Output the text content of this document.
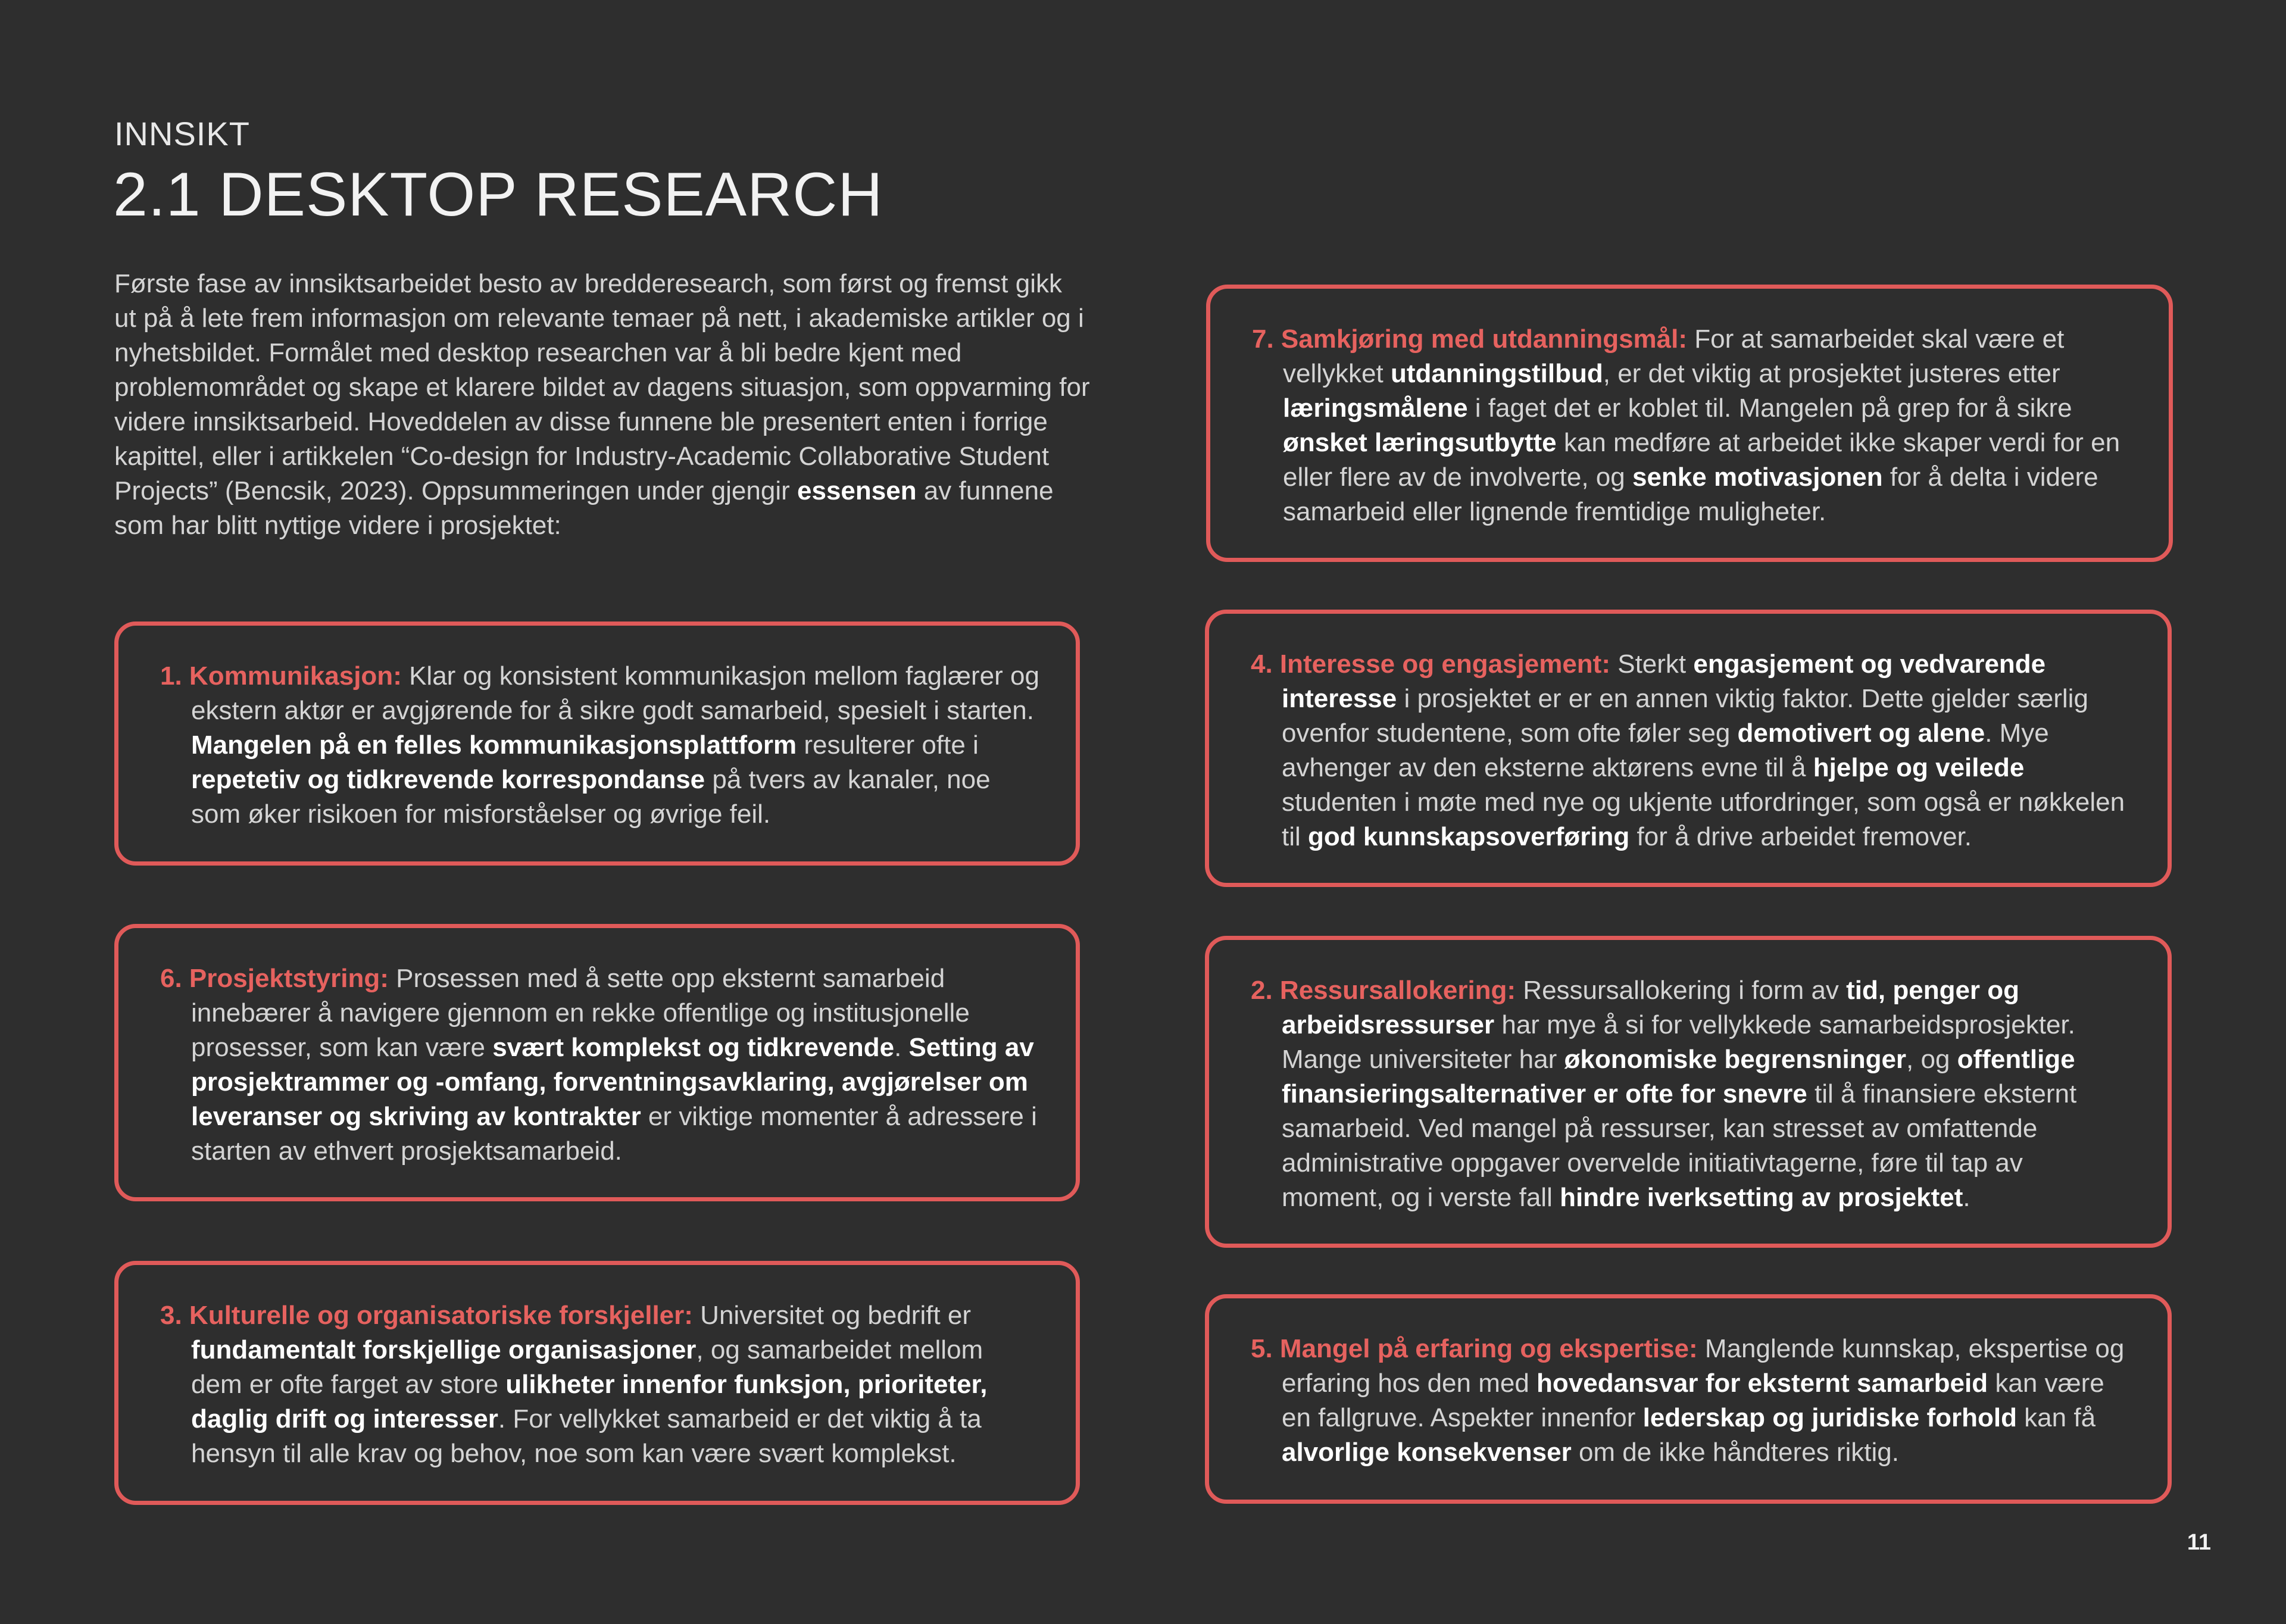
INNSIKT
2.1 DESKTOP RESEARCH
Første fase av innsiktsarbeidet besto av bredderesearch, som først og fremst gikk ut på å lete frem informasjon om relevante temaer på nett, i akademiske artikler og i nyhetsbildet. Formålet med desktop researchen var å bli bedre kjent med problemområdet og skape et klarere bildet av dagens situasjon, som oppvarming for videre innsiktsarbeid. Hoveddelen av disse funnene ble presentert enten i forrige kapittel, eller i artikkelen “Co-design for Industry-Academic Collaborative Student Projects” (Bencsik, 2023). Oppsummeringen under gjengir essensen av funnene som har blitt nyttige videre i prosjektet:

1. Kommunikasjon: Klar og konsistent kommunikasjon mellom faglærer og ekstern aktør er avgjørende for å sikre godt samarbeid, spesielt i starten. Mangelen på en felles kommunikasjonsplattform resulterer ofte i repetetiv og tidkrevende korrespondanse på tvers av kanaler, noe som øker risikoen for misforståelser og øvrige feil.

6. Prosjektstyring: Prosessen med å sette opp eksternt samarbeid innebærer å navigere gjennom en rekke offentlige og institusjonelle prosesser, som kan være svært komplekst og tidkrevende. Setting av prosjektrammer og -omfang, forventningsavklaring, avgjørelser om leveranser og skriving av kontrakter er viktige momenter å adressere i starten av ethvert prosjektsamarbeid.

3. Kulturelle og organisatoriske forskjeller: Universitet og bedrift er fundamentalt forskjellige organisasjoner, og samarbeidet mellom dem er ofte farget av store ulikheter innenfor funksjon, prioriteter, daglig drift og interesser. For vellykket samarbeid er det viktig å ta hensyn til alle krav og behov, noe som kan være svært komplekst.

7. Samkjøring med utdanningsmål: For at samarbeidet skal være et vellykket utdanningstilbud, er det viktig at prosjektet justeres etter læringsmålene i faget det er koblet til. Mangelen på grep for å sikre ønsket læringsutbytte kan medføre at arbeidet ikke skaper verdi for en eller flere av de involverte, og senke motivasjonen for å delta i videre samarbeid eller lignende fremtidige muligheter.

4. Interesse og engasjement: Sterkt engasjement og vedvarende interesse i prosjektet er er en annen viktig faktor. Dette gjelder særlig ovenfor studentene, som ofte føler seg demotivert og alene. Mye avhenger av den eksterne aktørens evne til å hjelpe og veilede studenten i møte med nye og ukjente utfordringer, som også er nøkkelen til god kunnskapsoverføring for å drive arbeidet fremover.

2. Ressursallokering: Ressursallokering i form av tid, penger og arbeidsressurser har mye å si for vellykkede samarbeidsprosjekter. Mange universiteter har økonomiske begrensninger, og offentlige finansieringsalternativer er ofte for snevre til å finansiere eksternt samarbeid. Ved mangel på ressurser, kan stresset av omfattende administrative oppgaver overvelde initiativtagerne, føre til tap av moment, og i verste fall hindre iverksetting av prosjektet.

5. Mangel på erfaring og ekspertise: Manglende kunnskap, ekspertise og erfaring hos den med hovedansvar for eksternt samarbeid kan være en fallgruve. Aspekter innenfor lederskap og juridiske forhold kan få alvorlige konsekvenser om de ikke håndteres riktig.

11
